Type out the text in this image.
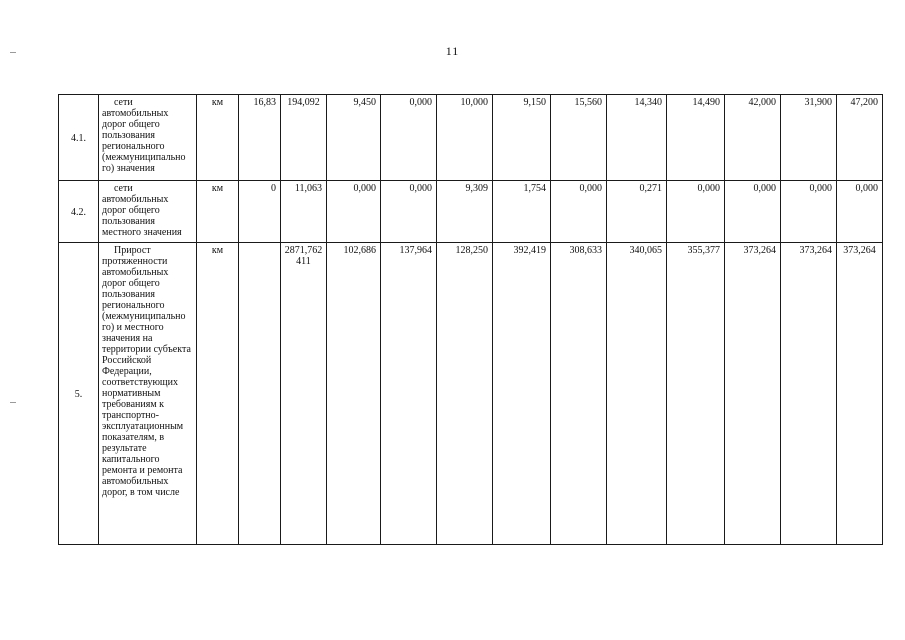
11
4.1.	сети автомобильных дорог общего пользования регионального (межмуниципально го) значения	км	16,83	194,092	9,450	0,000	10,000	9,150	15,560	14,340	14,490	42,000	31,900	47,200
4.2.	сети автомобильных дорог общего пользования местного значения	км	0	11,063	0,000	0,000	9,309	1,754	0,000	0,271	0,000	0,000	0,000	0,000
5.	Прирост протяженности автомобильных дорог общего пользования регионального (межмуниципально го) и местного значения на территории субъекта Российской Федерации, соответствующих нормативным требованиям к транспортно-эксплуатационным показателям, в результате капитального ремонта и ремонта автомобильных дорог, в том числе	км		2871,762411	102,686	137,964	128,250	392,419	308,633	340,065	355,377	373,264	373,264	373,264
